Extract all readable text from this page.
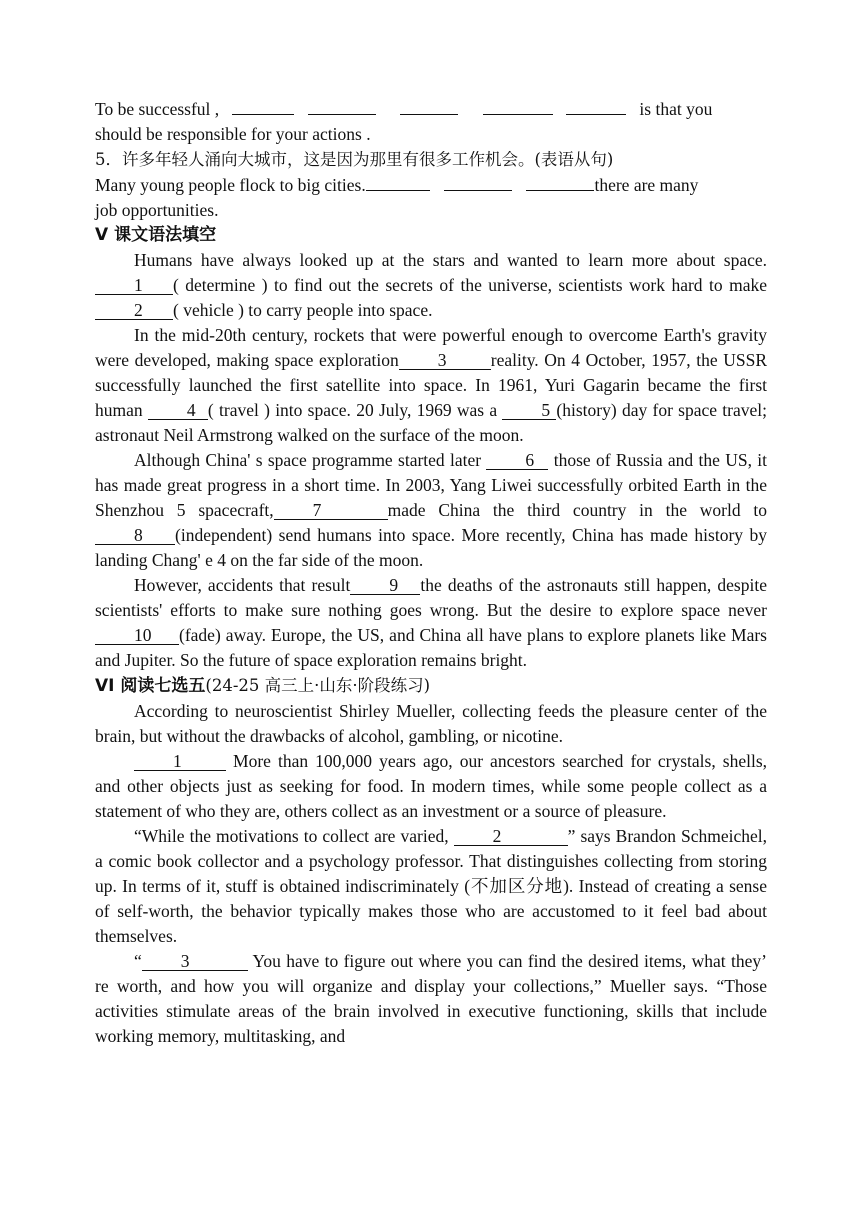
To be successful ,	is that you
should be responsible for your actions .
5．许多年轻人涌向大城市，这是因为那里有很多工作机会。(表语从句)
Many young people flock to big cities.	there are many
job opportunities.
V 课文语法填空
Humans have always looked up at the stars and wanted to learn more about space.1 ( determine ) to find out the secrets of the universe, scientists work hard to make2 ( vehicle ) to carry people into space.
In the mid-20th century, rockets that were powerful enough to overcome Earth's gravity were developed, making space exploration 3	reality. On 4 October, 1957, the USSR successfully launched the first satellite into space. In 1961, Yuri Gagarin became the first human	4 ( travel ) into space. 20 July, 1969 was a	5 (history) day for space travel; astronaut Neil Armstrong walked on the surface of the moon.
Although China' s space programme started later	6 those of Russia and the US, it has made great progress in a short time. In 2003, Yang Liwei successfully orbited Earth in the Shenzhou 5 spacecraft, 7	made China the third country in the world to 8 (independent) send humans into space. More recently, China has made history by landing Chang' e 4 on the far side of the moon.
However, accidents that result 9 the deaths of the astronauts still happen, despite scientists' efforts to make sure nothing goes wrong. But the desire to explore space never 10 (fade) away. Europe, the US, and China all have plans to explore planets like Mars and Jupiter. So the future of space exploration remains bright.
VI 阅读七选五(24-25 高三上·山东·阶段练习)
According to neuroscientist Shirley Mueller, collecting feeds the pleasure center of the brain, but without the drawbacks of alcohol, gambling, or nicotine.
1	More than 100,000 years ago, our ancestors searched for crystals, shells, and other objects just as seeking for food. In modern times, while some people collect as a statement of who they are, others collect as an investment or a source of pleasure.
“While the motivations to collect are varied,	2	” says Brandon Schmeichel, a comic book collector and a psychology professor. That distinguishes collecting from storing up. In terms of it, stuff is obtained indiscriminately (不加区分地). Instead of creating a sense of self-worth, the behavior typically makes those who are accustomed to it feel bad about themselves.
“ 3	You have to figure out where you can find the desired items, what they’ re worth, and how you will organize and display your collections,” Mueller says. “Those activities stimulate areas of the brain involved in executive functioning, skills that include working memory, multitasking, and
